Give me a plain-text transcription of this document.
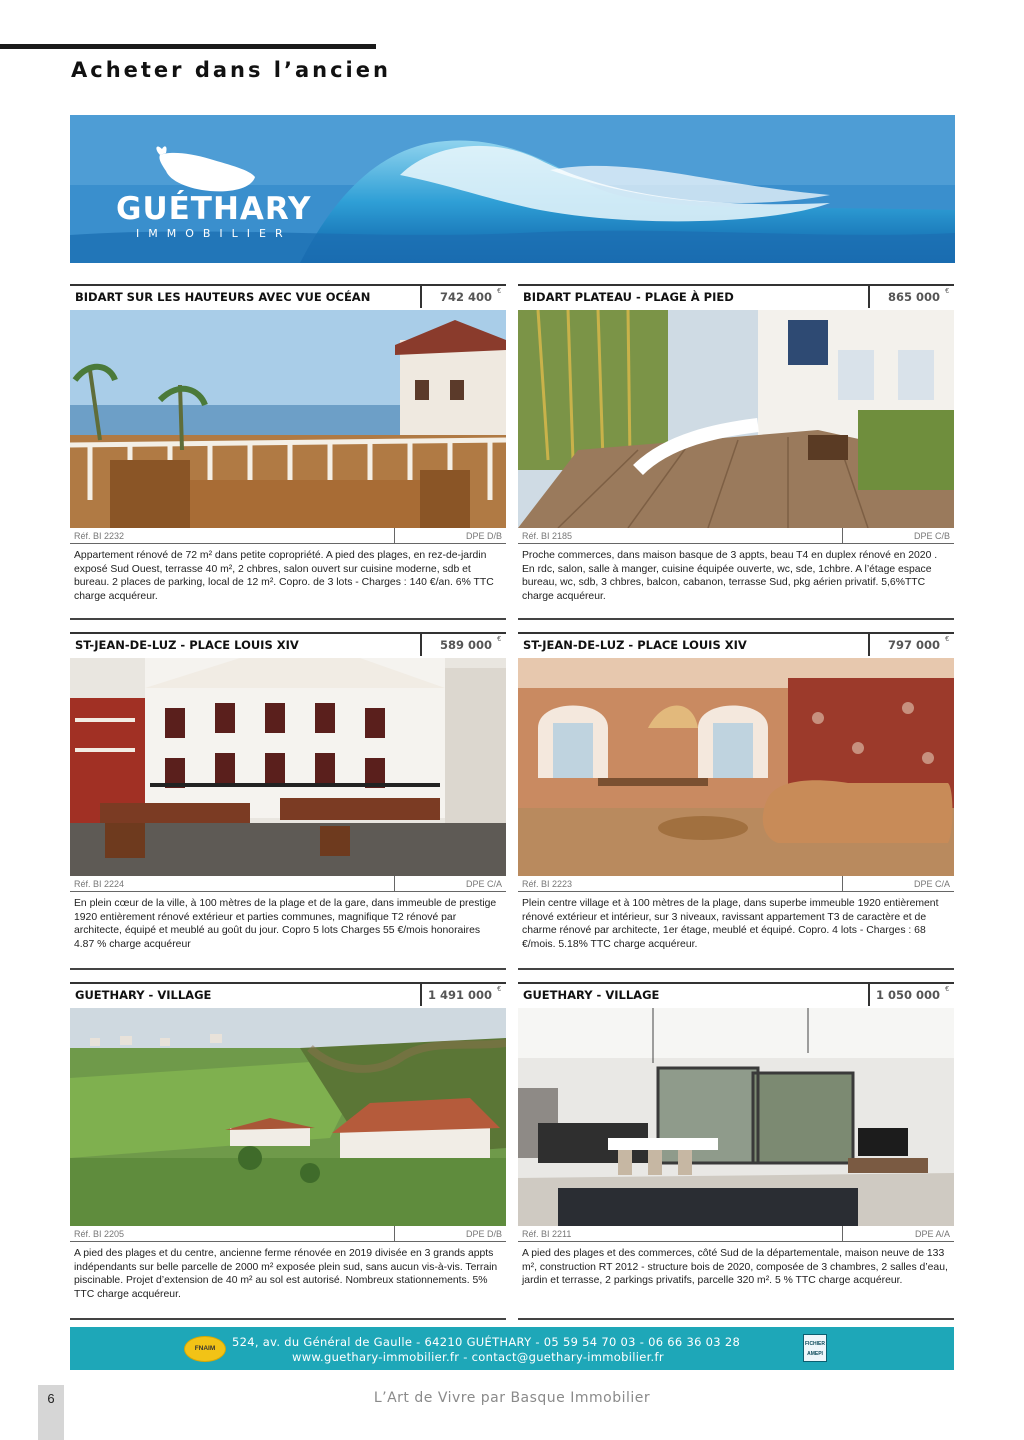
Acheter dans l’ancien
GUÉTHARY
IMMOBILIER
BIDART SUR LES HAUTEURS AVEC VUE OCÉAN	742 400 €
Réf. BI 2232	DPE D/B

Appartement rénové de 72 m² dans petite copropriété. A pied des plages, en rez-de-jardin exposé Sud Ouest, terrasse 40 m², 2 chbres, salon ouvert sur cuisine moderne, sdb et bureau. 2 places de parking, local de 12 m². Copro. de 3 lots - Charges : 140 €/an. 6% TTC charge acquéreur.

BIDART PLATEAU - PLAGE À PIED	865 000 €
Réf. BI 2185	DPE C/B

Proche commerces, dans maison basque de 3 appts, beau T4 en duplex rénové en 2020 . En rdc, salon, salle à manger, cuisine équipée ouverte, wc, sde, 1chbre. A l’étage espace bureau, wc, sdb, 3 chbres, balcon, cabanon, terrasse Sud, pkg aérien privatif. 5,6%TTC charge acquéreur.

ST-JEAN-DE-LUZ - PLACE LOUIS XIV	589 000 €
Réf. BI 2224	DPE C/A

En plein cœur de la ville, à 100 mètres de la plage et de la gare, dans immeuble de prestige 1920 entièrement rénové extérieur et parties communes, magnifique T2 rénové par architecte, équipé et meublé au goût du jour. Copro 5 lots Charges 55 €/mois honoraires 4.87 % charge acquéreur

ST-JEAN-DE-LUZ - PLACE LOUIS XIV	797 000 €
Réf. BI 2223	DPE C/A

Plein centre village et à 100 mètres de la plage, dans superbe immeuble 1920 entièrement rénové extérieur et intérieur, sur 3 niveaux, ravissant appartement T3 de caractère et de charme rénové par architecte, 1er étage, meublé et équipé. Copro. 4 lots - Charges : 68 €/mois. 5.18% TTC charge acquéreur.

GUETHARY - VILLAGE	1 491 000 €
Réf. BI 2205	DPE D/B

A pied des plages et du centre, ancienne ferme rénovée en 2019 divisée en 3 grands appts indépendants sur belle parcelle de 2000 m² exposée plein sud, sans aucun vis-à-vis. Terrain piscinable. Projet d’extension de 40 m² au sol est autorisé. Nombreux stationnements. 5% TTC charge acquéreur.

GUETHARY - VILLAGE	1 050 000 €
Réf. BI 2211	DPE A/A

A pied des plages et des commerces, côté Sud de la départementale, maison neuve de 133 m², construction RT 2012 - structure bois de 2020, composée de 3 chambres, 2 salles d’eau, jardin et terrasse, 2 parkings privatifs, parcelle 320 m². 5 % TTC charge acquéreur.

FNAIM	524, av. du Général de Gaulle - 64210 GUÉTHARY - 05 59 54 70 03 - 06 66 36 03 28
www.guethary-immobilier.fr - contact@guethary-immobilier.fr
FICHIER
AMEPI
6	L’Art de Vivre par Basque Immobilier
